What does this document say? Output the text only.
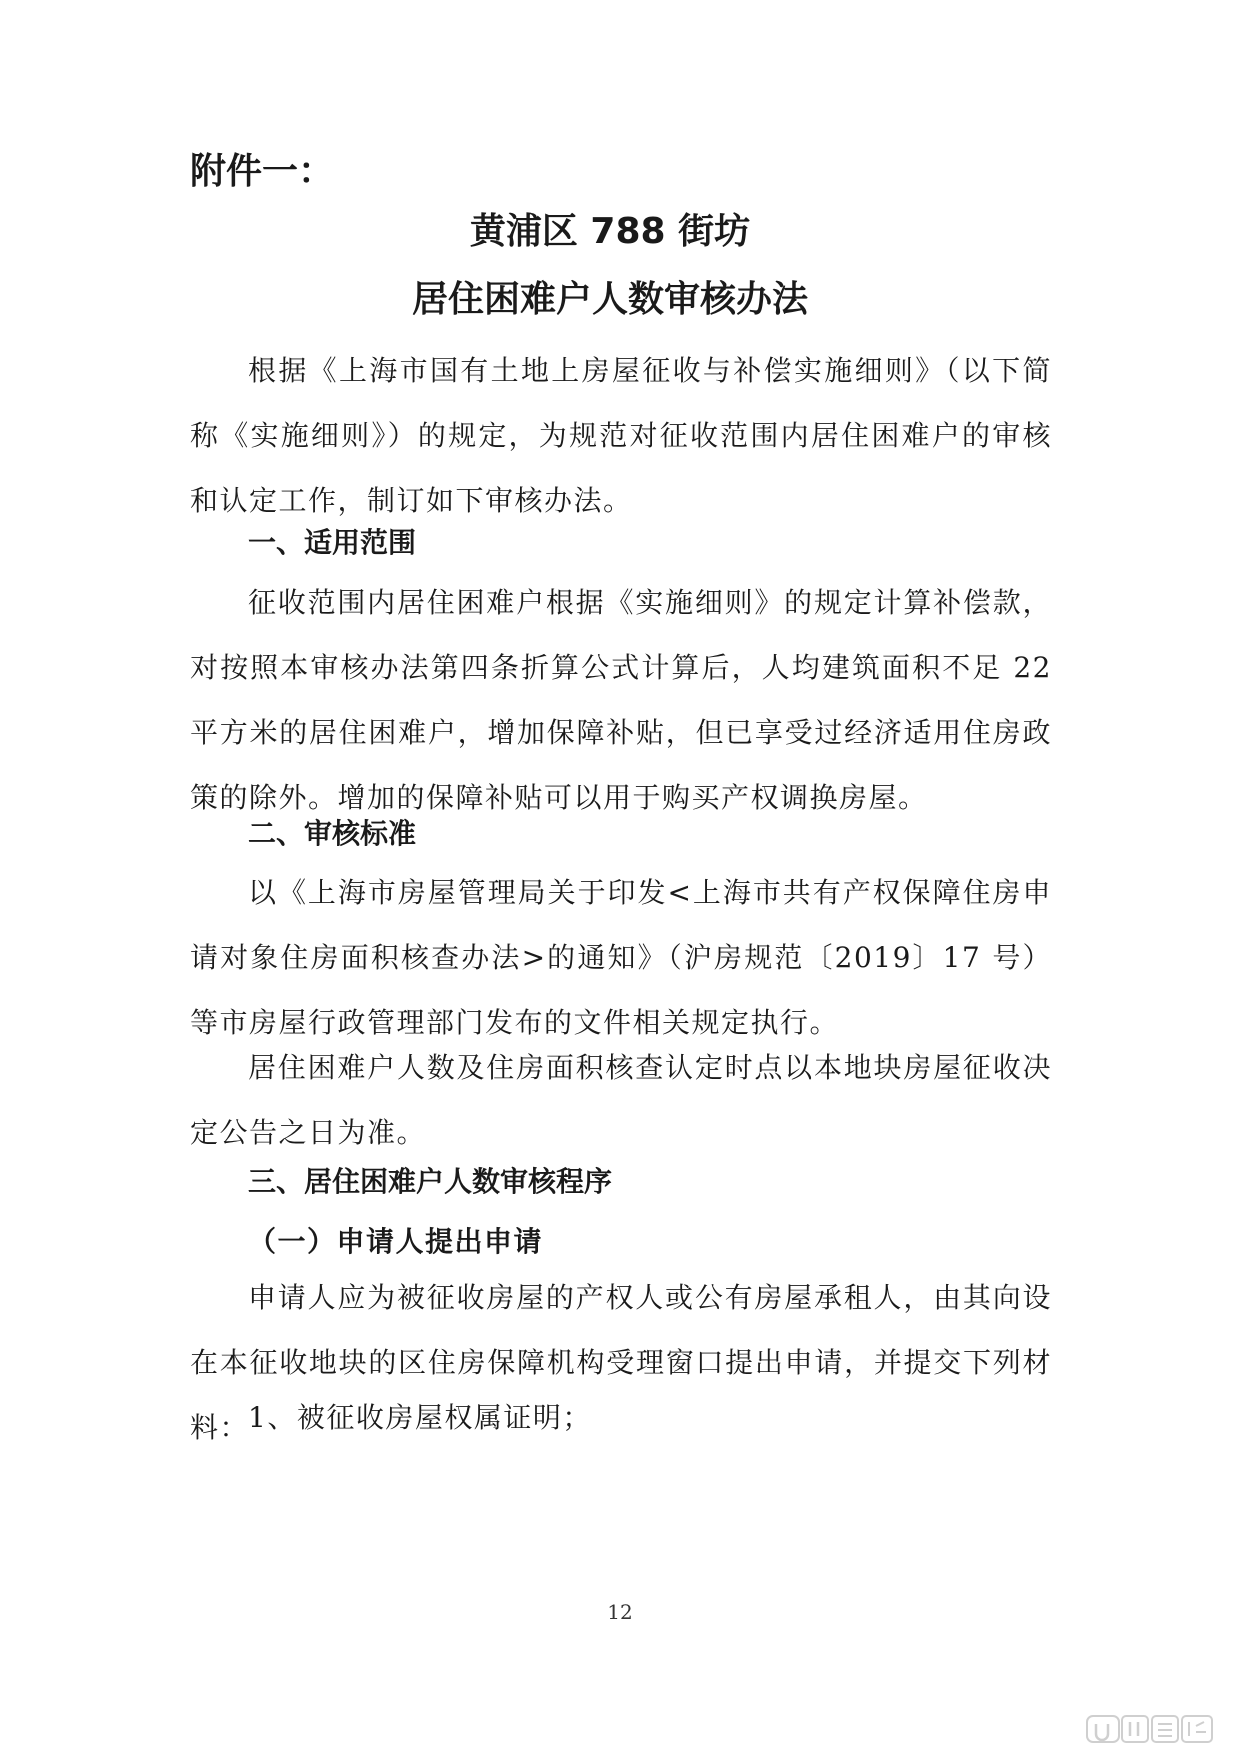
附件一：

黄浦区 788 街坊

居住困难户人数审核办法

根据《上海市国有土地上房屋征收与补偿实施细则》（以下简称《实施细则》）的规定，为规范对征收范围内居住困难户的审核和认定工作，制订如下审核办法。

一、适用范围

征收范围内居住困难户根据《实施细则》的规定计算补偿款，对按照本审核办法第四条折算公式计算后，人均建筑面积不足 22 平方米的居住困难户，增加保障补贴，但已享受过经济适用住房政策的除外。增加的保障补贴可以用于购买产权调换房屋。

二、审核标准

以《上海市房屋管理局关于印发<上海市共有产权保障住房申请对象住房面积核查办法>的通知》（沪房规范〔2019〕17 号）等市房屋行政管理部门发布的文件相关规定执行。

居住困难户人数及住房面积核查认定时点以本地块房屋征收决定公告之日为准。

三、居住困难户人数审核程序

（一）申请人提出申请

申请人应为被征收房屋的产权人或公有房屋承租人，由其向设在本征收地块的区住房保障机构受理窗口提出申请，并提交下列材料：

1、被征收房屋权属证明；

12
